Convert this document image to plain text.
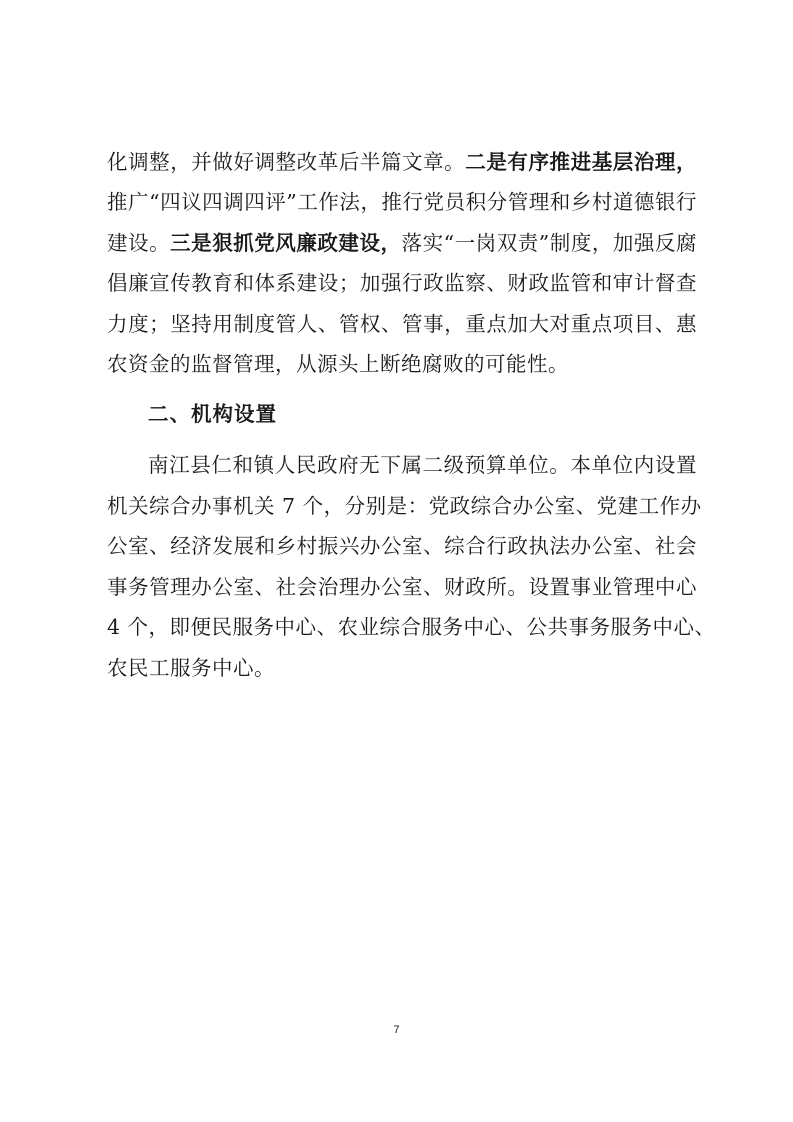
化调整，并做好调整改革后半篇文章。二是有序推进基层治理，
推广“四议四调四评”工作法，推行党员积分管理和乡村道德银行
建设。三是狠抓党风廉政建设，落实“一岗双责”制度，加强反腐
倡廉宣传教育和体系建设；加强行政监察、财政监管和审计督查
力度；坚持用制度管人、管权、管事，重点加大对重点项目、惠
农资金的监督管理，从源头上断绝腐败的可能性。
二、机构设置
南江县仁和镇人民政府无下属二级预算单位。本单位内设置
机关综合办事机关 7 个，分别是：党政综合办公室、党建工作办
公室、经济发展和乡村振兴办公室、综合行政执法办公室、社会
事务管理办公室、社会治理办公室、财政所。设置事业管理中心
4 个，即便民服务中心、农业综合服务中心、公共事务服务中心、
农民工服务中心。
7
